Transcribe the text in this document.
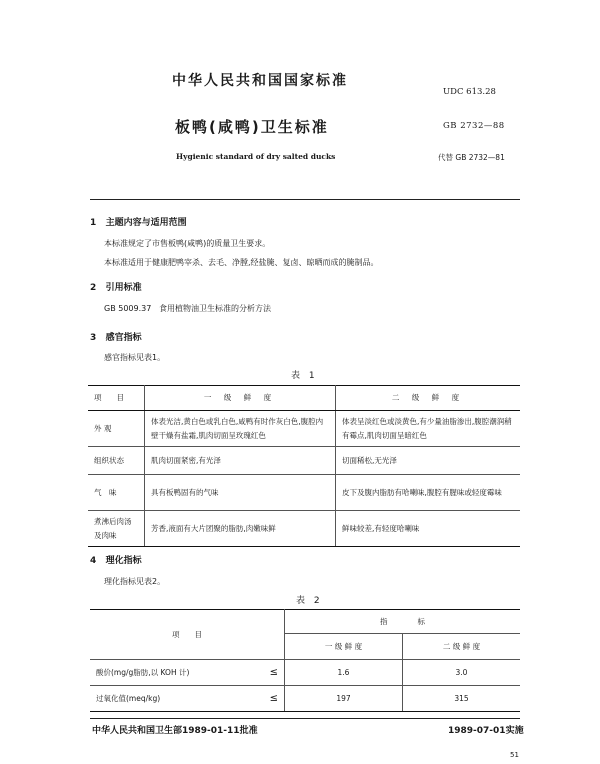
中华人民共和国国家标准
UDC 613.28
板鸭(咸鸭)卫生标准	GB 2732—88
Hygienic standard of dry salted ducks	代替 GB 2732—81
1 主题内容与适用范围
本标准规定了市售板鸭(咸鸭)的质量卫生要求。
本标准适用于健康肥鸭宰杀、去毛、净膛,经盐腌、复卤、晾晒而成的腌制品。
2 引用标准
GB 5009.37 食用植物油卫生标准的分析方法
3 感官指标
感官指标见表1。
表 1
项　　目	一 级 鲜 度	二 级 鲜 度
外 观	体表光洁,黄白色或乳白色,咸鸭有时作灰白色,腹腔内壁干燥有盐霜,肌肉切面呈玫瑰红色	体表呈淡红色或淡黄色,有少量油脂渗出,腹腔潮润稍有霉点,肌肉切面呈暗红色
组织状态	肌肉切面紧密,有光泽	切面稀松,无光泽
气　味	具有板鸭固有的气味	皮下及腹内脂肪有哈喇味,腹腔有腥味或轻度霉味
煮沸后肉汤及肉味	芳香,液面有大片团聚的脂肪,肉嫩味鲜	鲜味较差,有轻度哈喇味
4 理化指标
理化指标见表2。
表 2
项　　目	指　　　　标	
	一 级 鲜 度	二 级 鲜 度
酸价(mg/g脂肪,以 KOH 计) ≤	1.6	3.0
过氧化值(meq/kg) ≤	197	315
中华人民共和国卫生部1989-01-11批准	1989-07-01实施
51
